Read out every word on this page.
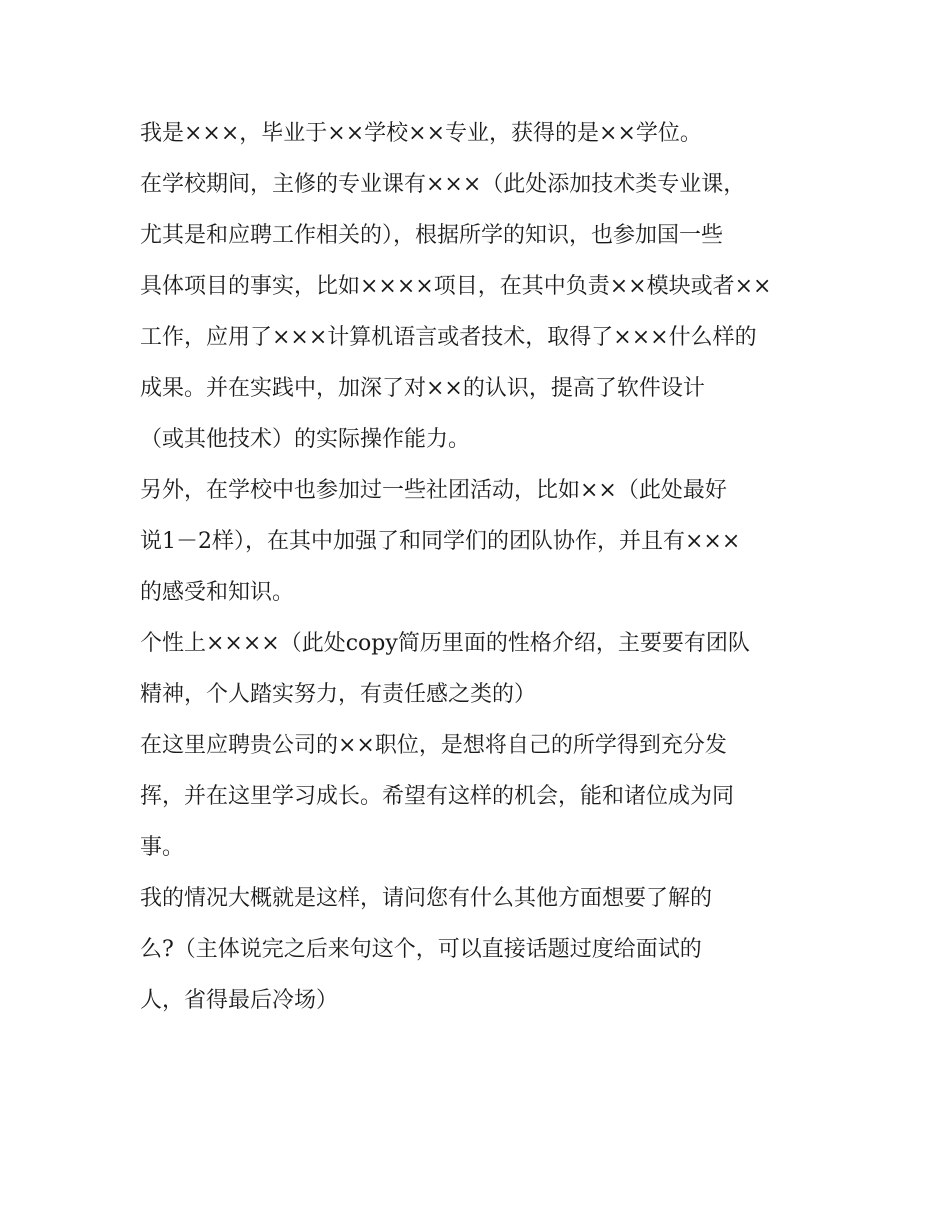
我是×××，毕业于××学校××专业，获得的是××学位。
在学校期间，主修的专业课有×××（此处添加技术类专业课，
尤其是和应聘工作相关的），根据所学的知识，也参加国一些
具体项目的事实，比如××××项目，在其中负责××模块或者××
工作，应用了×××计算机语言或者技术，取得了×××什么样的
成果。并在实践中，加深了对××的认识，提高了软件设计
（或其他技术）的实际操作能力。
另外，在学校中也参加过一些社团活动，比如××（此处最好
说1－2样），在其中加强了和同学们的团队协作，并且有×××
的感受和知识。
个性上××××（此处copy简历里面的性格介绍，主要要有团队
精神，个人踏实努力，有责任感之类的）
在这里应聘贵公司的××职位，是想将自己的所学得到充分发
挥，并在这里学习成长。希望有这样的机会，能和诸位成为同
事。
我的情况大概就是这样，请问您有什么其他方面想要了解的
么?（主体说完之后来句这个，可以直接话题过度给面试的
人，省得最后冷场）
